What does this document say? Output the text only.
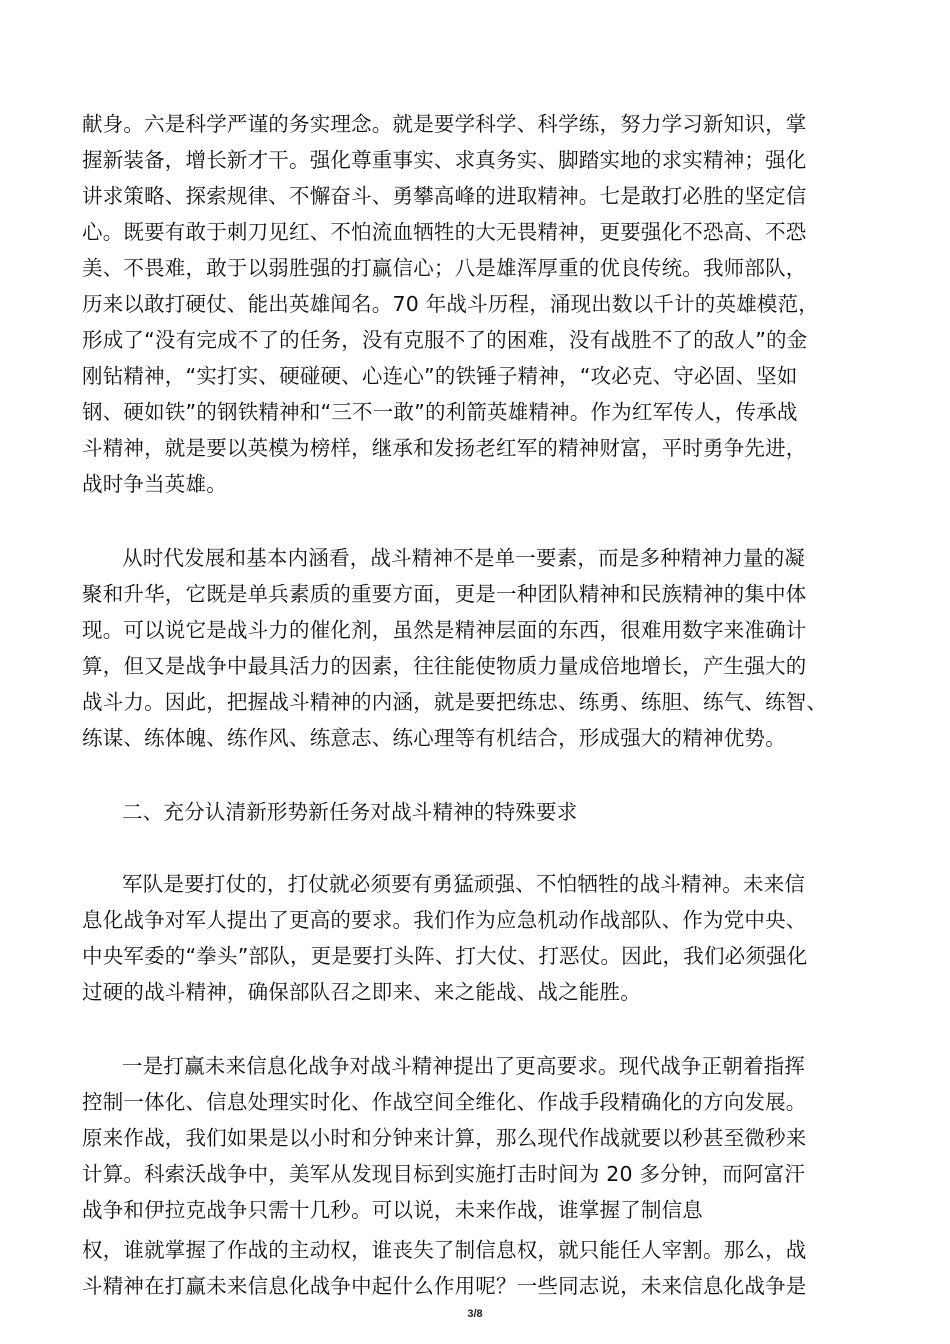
献身。六是科学严谨的务实理念。就是要学科学、科学练，努力学习新知识，掌
握新装备，增长新才干。强化尊重事实、求真务实、脚踏实地的求实精神；强化
讲求策略、探索规律、不懈奋斗、勇攀高峰的进取精神。七是敢打必胜的坚定信
心。既要有敢于刺刀见红、不怕流血牺牲的大无畏精神，更要强化不恐高、不恐
美、不畏难，敢于以弱胜强的打赢信心；八是雄浑厚重的优良传统。我师部队，
历来以敢打硬仗、能出英雄闻名。70 年战斗历程，涌现出数以千计的英雄模范，
形成了“没有完成不了的任务，没有克服不了的困难，没有战胜不了的敌人”的金
刚钻精神，“实打实、硬碰硬、心连心”的铁锤子精神，“攻必克、守必固、坚如
钢、硬如铁”的钢铁精神和“三不一敢”的利箭英雄精神。作为红军传人，传承战
斗精神，就是要以英模为榜样，继承和发扬老红军的精神财富，平时勇争先进，
战时争当英雄。
从时代发展和基本内涵看，战斗精神不是单一要素，而是多种精神力量的凝
聚和升华，它既是单兵素质的重要方面，更是一种团队精神和民族精神的集中体
现。可以说它是战斗力的催化剂，虽然是精神层面的东西，很难用数字来准确计
算，但又是战争中最具活力的因素，往往能使物质力量成倍地增长，产生强大的
战斗力。因此，把握战斗精神的内涵，就是要把练忠、练勇、练胆、练气、练智、
练谋、练体魄、练作风、练意志、练心理等有机结合，形成强大的精神优势。
二、充分认清新形势新任务对战斗精神的特殊要求
军队是要打仗的，打仗就必须要有勇猛顽强、不怕牺牲的战斗精神。未来信
息化战争对军人提出了更高的要求。我们作为应急机动作战部队、作为党中央、
中央军委的“拳头”部队，更是要打头阵、打大仗、打恶仗。因此，我们必须强化
过硬的战斗精神，确保部队召之即来、来之能战、战之能胜。
一是打赢未来信息化战争对战斗精神提出了更高要求。现代战争正朝着指挥
控制一体化、信息处理实时化、作战空间全维化、作战手段精确化的方向发展。
原来作战，我们如果是以小时和分钟来计算，那么现代作战就要以秒甚至微秒来
计算。科索沃战争中，美军从发现目标到实施打击时间为 20 多分钟，而阿富汗
战争和伊拉克战争只需十几秒。可以说，未来作战，谁掌握了制信息
权，谁就掌握了作战的主动权，谁丧失了制信息权，就只能任人宰割。那么，战
斗精神在打赢未来信息化战争中起什么作用呢？一些同志说，未来信息化战争是
3/8
